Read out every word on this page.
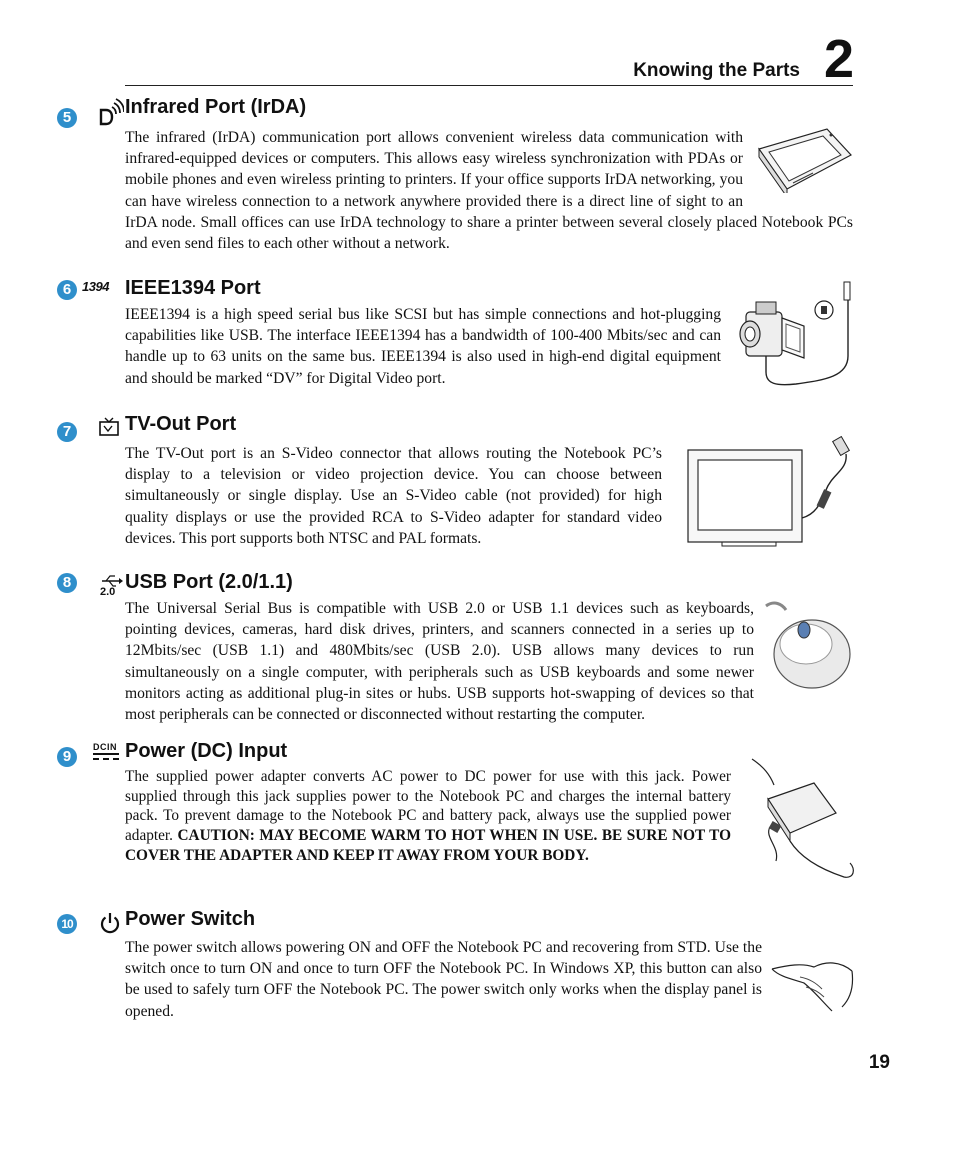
Knowing the Parts 2
5	Infrared Port (IrDA)

The infrared (IrDA) communication port allows convenient wireless data communication with infrared-equipped devices or computers. This allows easy wireless synchronization with PDAs or mobile phones and even wireless printing to printers. If your office supports IrDA networking, you can have wireless connection to a network anywhere provided there is a direct line of sight to an IrDA node. Small offices can use IrDA technology to share a printer between several closely placed Notebook PCs and even send files to each other without a network.

6 1394 IEEE1394 Port

IEEE1394 is a high speed serial bus like SCSI but has simple connections and hot-plugging capabilities like USB. The interface IEEE1394 has a bandwidth of 100-400 Mbits/sec and can handle up to 63 units on the same bus. IEEE1394 is also used in high-end digital equipment and should be marked “DV” for Digital Video port.

7	TV-Out Port

The TV-Out port is an S-Video connector that allows routing the Notebook PC’s display to a television or video projection device. You can choose between simultaneously or single display. Use an S-Video cable (not provided) for high quality displays or use the provided RCA to S-Video adapter for standard video devices. This port supports both NTSC and PAL formats.

8
2.0 USB Port (2.0/1.1)

The Universal Serial Bus is compatible with USB 2.0 or USB 1.1 devices such as keyboards, pointing devices, cameras, hard disk drives, printers, and scanners connected in a series up to 12Mbits/sec (USB 1.1) and 480Mbits/sec (USB 2.0). USB allows many devices to run simultaneously on a single computer, with peripherals such as USB keyboards and some newer monitors acting as additional plug-in sites or hubs. USB supports hot-swapping of devices so that most peripherals can be connected or disconnected without restarting the computer.

9
DCIN Power (DC) Input

The supplied power adapter converts AC power to DC power for use with this jack. Power supplied through this jack supplies power to the Notebook PC and charges the internal battery pack. To prevent damage to the Notebook PC and battery pack, always use the supplied power adapter. CAUTION: MAY BECOME WARM TO HOT WHEN IN USE. BE SURE NOT TO COVER THE ADAPTER AND KEEP IT AWAY FROM YOUR BODY.

10	Power Switch

The power switch allows powering ON and OFF the Notebook PC and recovering from STD. Use the switch once to turn ON and once to turn OFF the Notebook PC. In Windows XP, this button can also be used to safely turn OFF the Notebook PC. The power switch only works when the display panel is opened.

19
